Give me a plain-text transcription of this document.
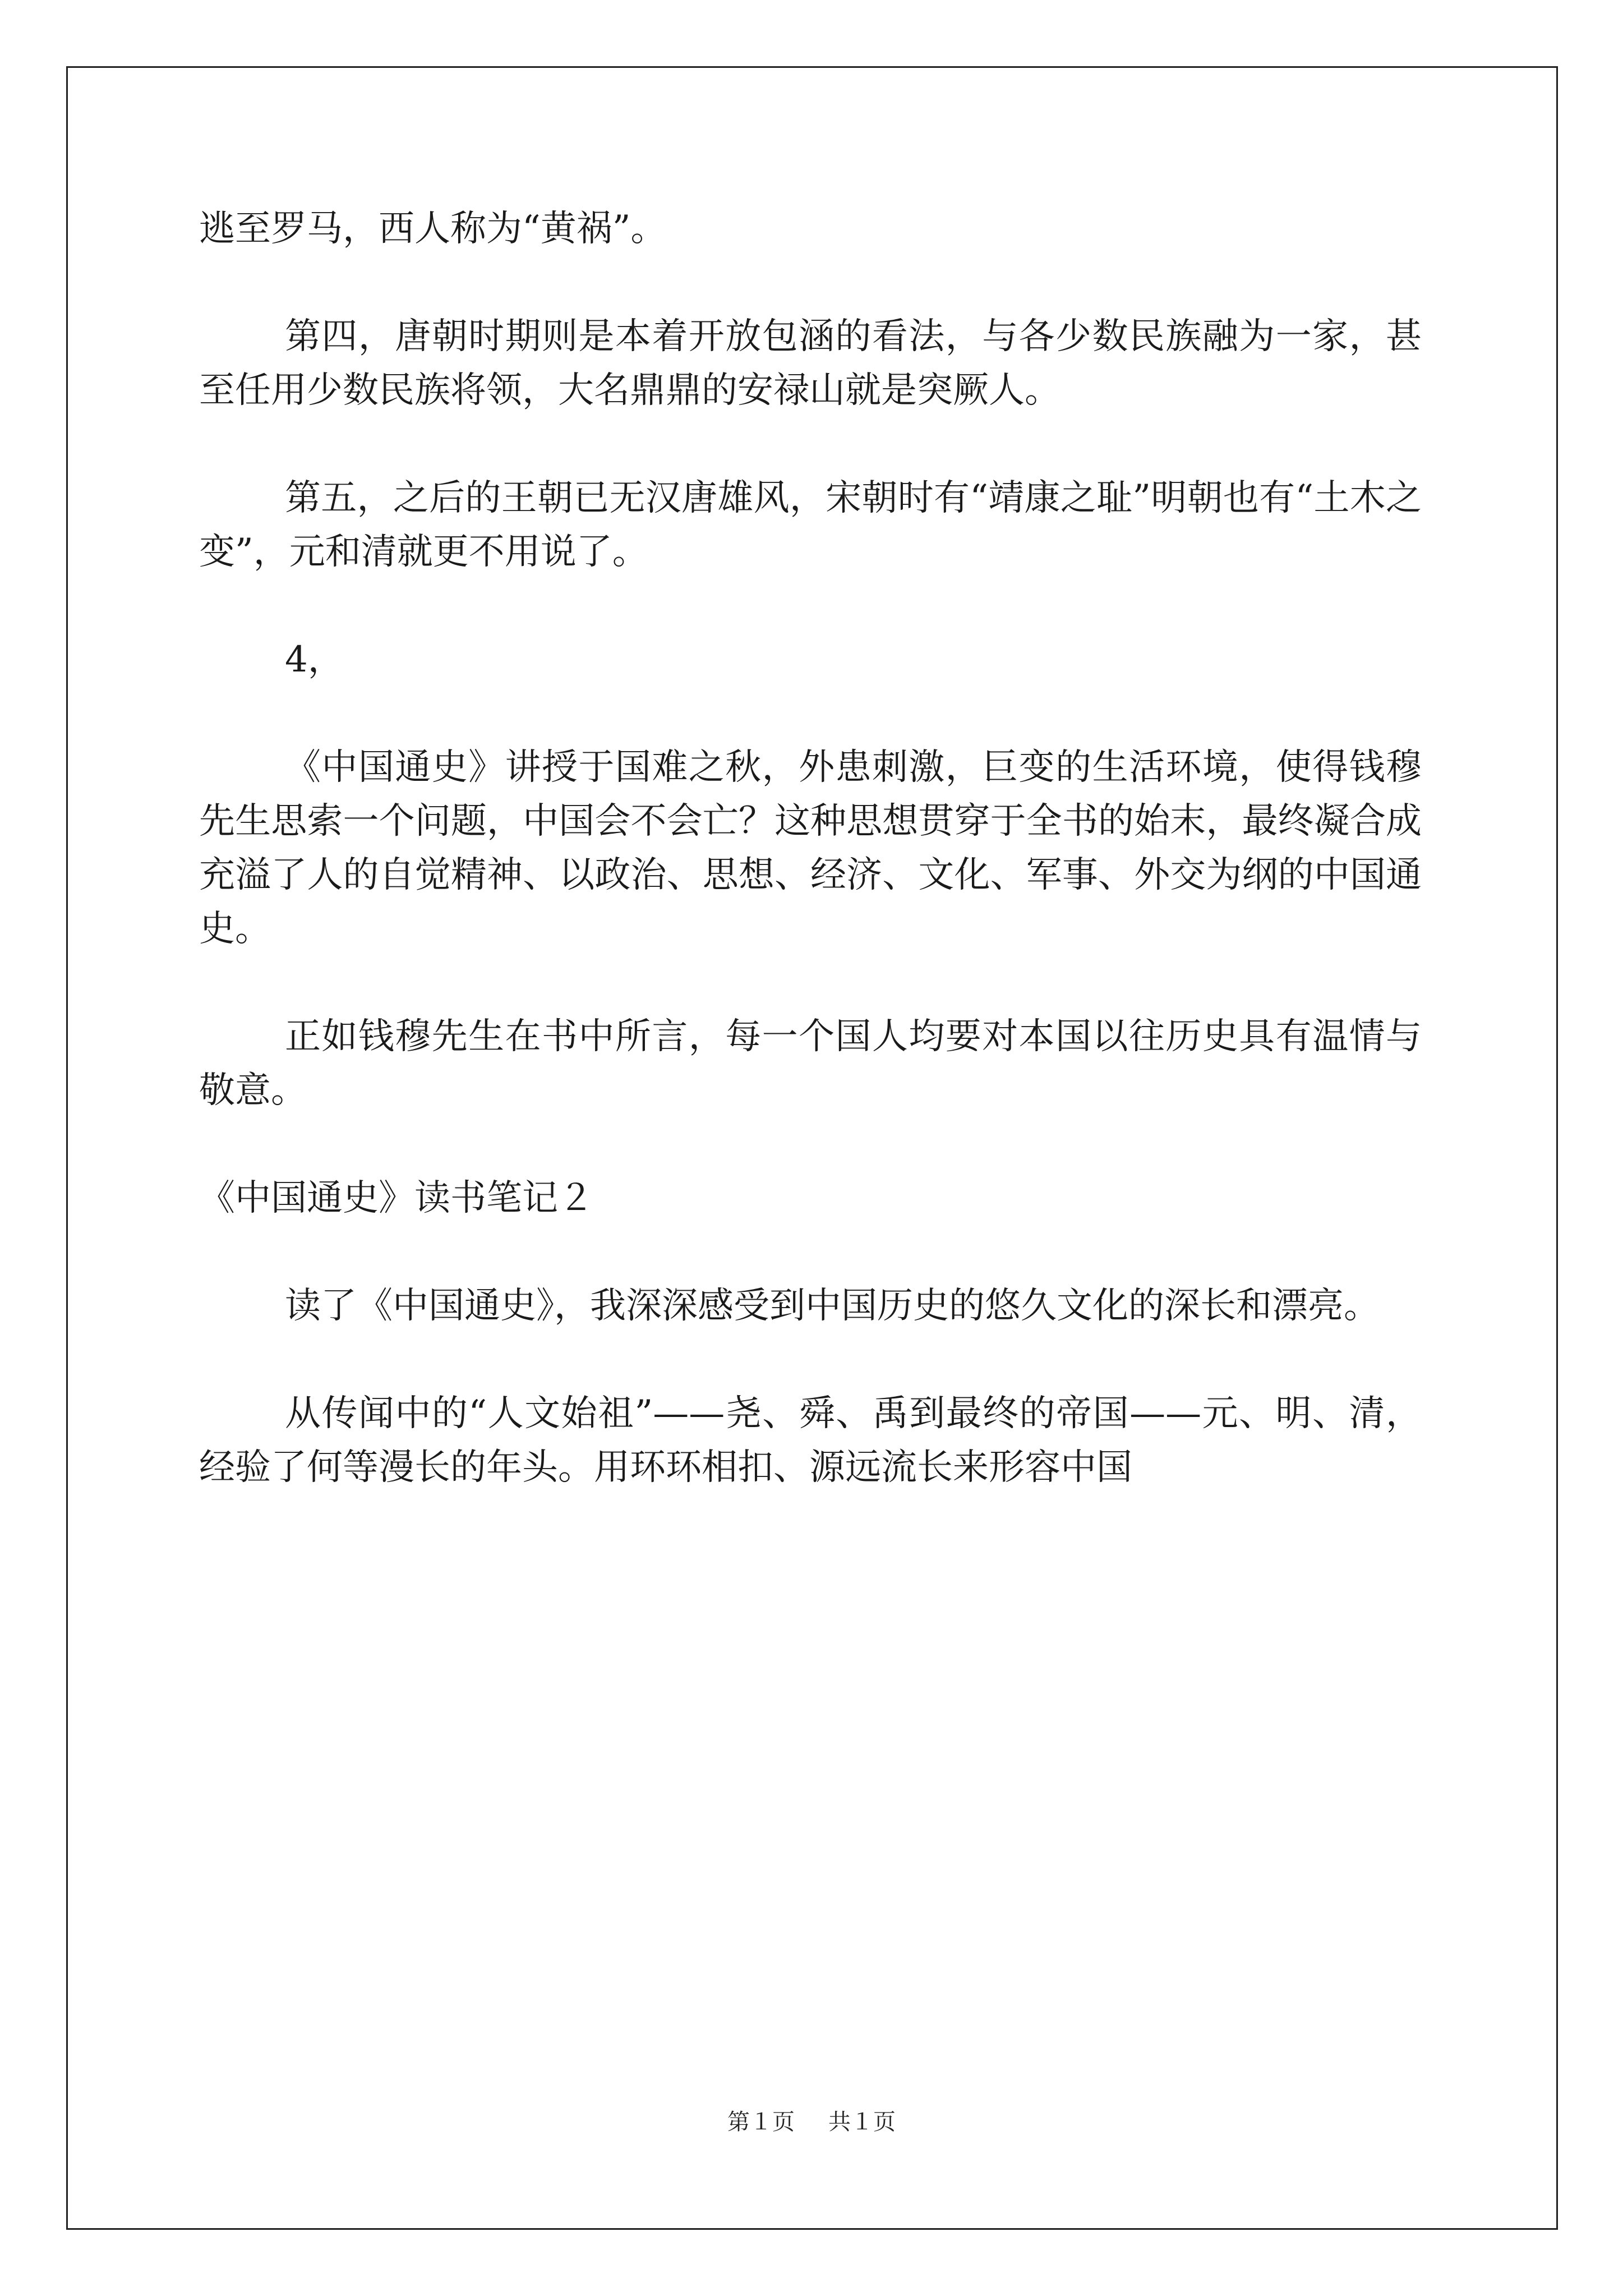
逃至罗马，西人称为“黄祸”。

第四，唐朝时期则是本着开放包涵的看法，与各少数民族融为一家，甚至任用少数民族将领，大名鼎鼎的安禄山就是突厥人。

第五，之后的王朝已无汉唐雄风，宋朝时有“靖康之耻”明朝也有“土木之变”，元和清就更不用说了。

4，

《中国通史》讲授于国难之秋，外患刺激，巨变的生活环境，使得钱穆先生思索一个问题，中国会不会亡？这种思想贯穿于全书的始末，最终凝合成充溢了人的自觉精神、以政治、思想、经济、文化、军事、外交为纲的中国通史。

正如钱穆先生在书中所言，每一个国人均要对本国以往历史具有温情与敬意。

《中国通史》读书笔记２

读了《中国通史》，我深深感受到中国历史的悠久文化的深长和漂亮。

从传闻中的“人文始祖”——尧、舜、禹到最终的帝国——元、明、清，经验了何等漫长的年头。用环环相扣、源远流长来形容中国

第１页 共１页
